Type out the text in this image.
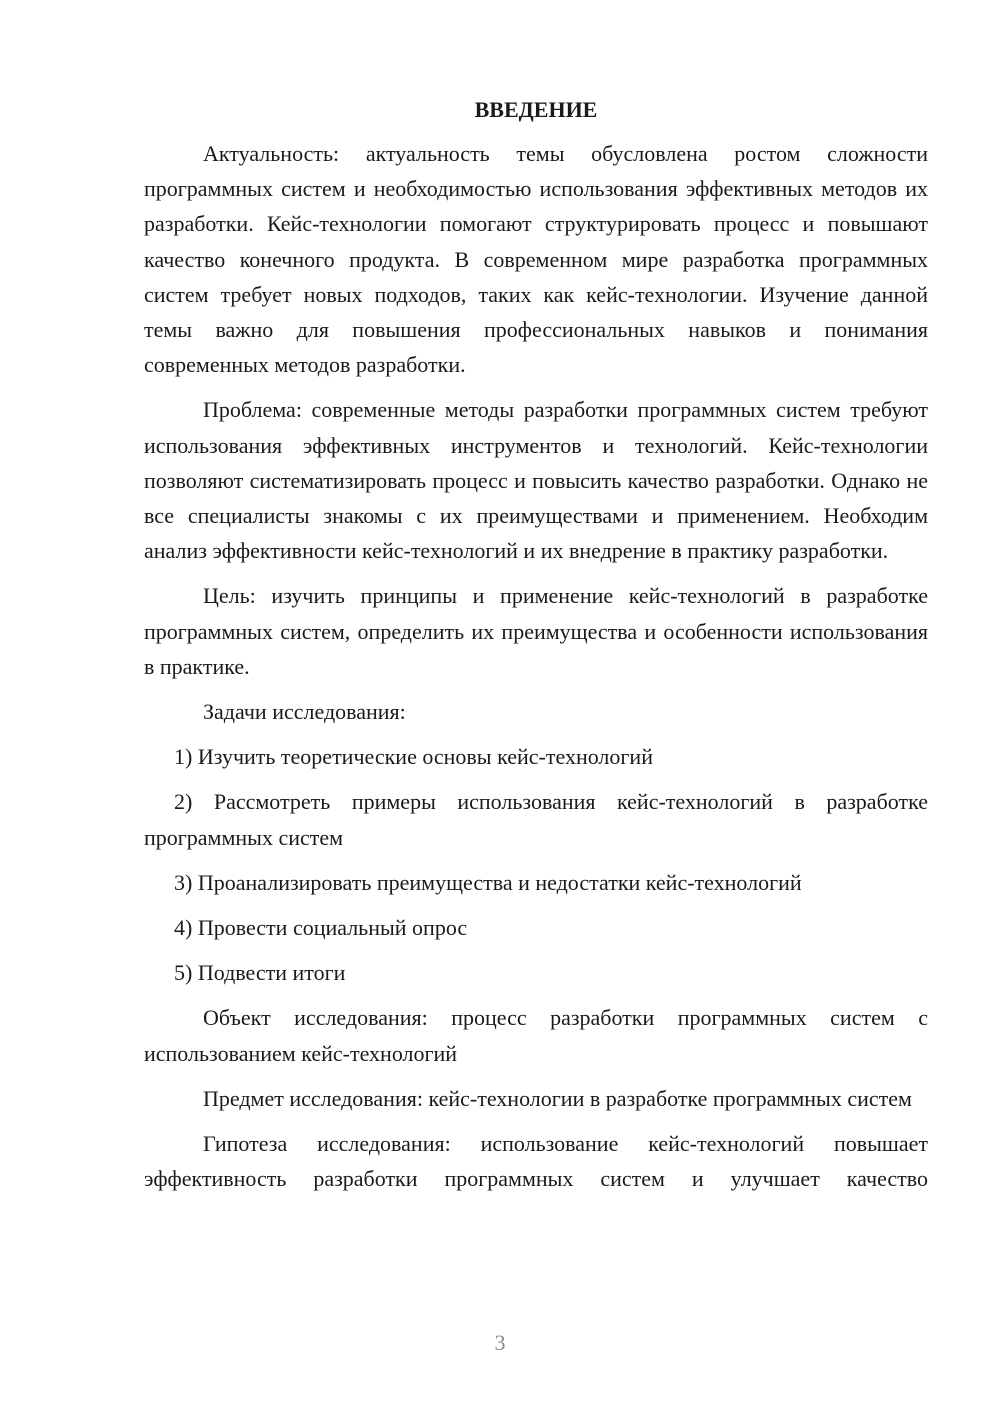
ВВЕДЕНИЕ

Актуальность: актуальность темы обусловлена ростом сложности программных систем и необходимостью использования эффективных методов их разработки. Кейс-технологии помогают структурировать процесс и повышают качество конечного продукта. В современном мире разработка программных систем требует новых подходов, таких как кейс-технологии. Изучение данной темы важно для повышения профессиональных навыков и понимания современных методов разработки.

Проблема: современные методы разработки программных систем требуют использования эффективных инструментов и технологий. Кейс-технологии позволяют систематизировать процесс и повысить качество разработки. Однако не все специалисты знакомы с их преимуществами и применением. Необходим анализ эффективности кейс-технологий и их внедрение в практику разработки.

Цель: изучить принципы и применение кейс-технологий в разработке программных систем, определить их преимущества и особенности использования в практике.

Задачи исследования:

1) Изучить теоретические основы кейс-технологий

2) Рассмотреть примеры использования кейс-технологий в разработке программных систем

3) Проанализировать преимущества и недостатки кейс-технологий

4) Провести социальный опрос

5) Подвести итоги

Объект исследования: процесс разработки программных систем с использованием кейс-технологий

Предмет исследования: кейс-технологии в разработке программных систем

Гипотеза исследования: использование кейс-технологий повышает эффективность разработки программных систем и улучшает качество

3
